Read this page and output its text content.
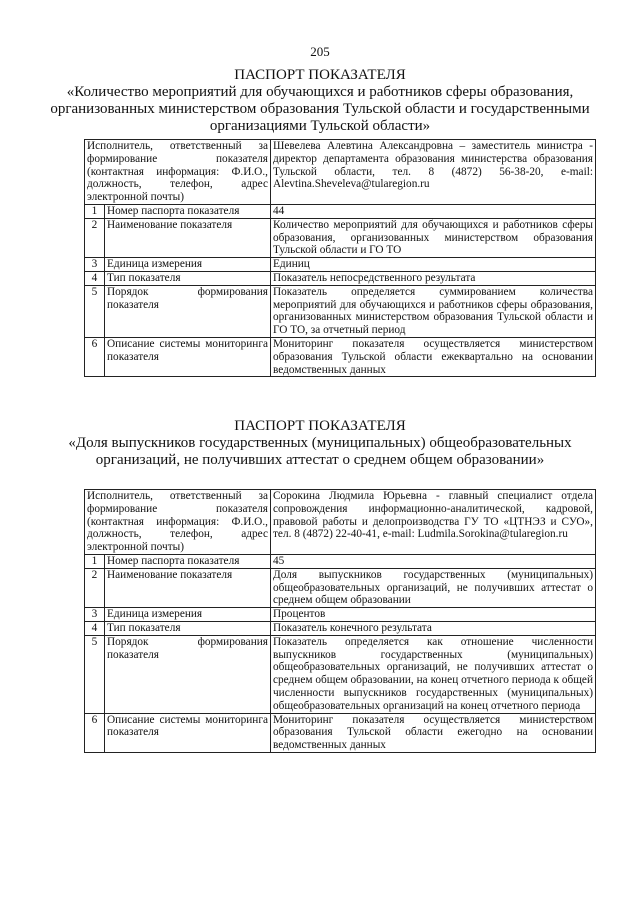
205
ПАСПОРТ ПОКАЗАТЕЛЯ
«Количество мероприятий для обучающихся и работников сферы образования, организованных министерством образования Тульской области и государственными организациями Тульской области»
Исполнитель, ответственный за формирование показателя (контактная информация: Ф.И.О., должность, телефон, адрес электронной почты)		Шевелева Алевтина Александровна – заместитель министра - директор департамента образования министерства образования Тульской области, тел. 8 (4872) 56-38-20, e-mail: Alevtina.Sheveleva@tularegion.ru
1	Номер паспорта показателя	44
2	Наименование показателя	Количество мероприятий для обучающихся и работников сферы образования, организованных министерством образования Тульской области и ГО ТО
3	Единица измерения	Единиц
4	Тип показателя	Показатель непосредственного результата
5	Порядок формирования показателя	Показатель определяется суммированием количества мероприятий для обучающихся и работников сферы образования, организованных министерством образования Тульской области и ГО ТО, за отчетный период
6	Описание системы мониторинга показателя	Мониторинг показателя осуществляется министерством образования Тульской области ежеквартально на основании ведомственных данных
ПАСПОРТ ПОКАЗАТЕЛЯ
«Доля выпускников государственных (муниципальных) общеобразовательных организаций, не получивших аттестат о среднем общем образовании»
Исполнитель, ответственный за формирование показателя (контактная информация: Ф.И.О., должность, телефон, адрес электронной почты)		Сорокина Людмила Юрьевна - главный специалист отдела сопровождения информационно-аналитической, кадровой, правовой работы и делопроизводства ГУ ТО «ЦТНЭЗ и СУО», тел. 8 (4872) 22-40-41, e-mail: Ludmila.Sorokina@tularegion.ru
1	Номер паспорта показателя	45
2	Наименование показателя	Доля выпускников государственных (муниципальных) общеобразовательных организаций, не получивших аттестат о среднем общем образовании
3	Единица измерения	Процентов
4	Тип показателя	Показатель конечного результата
5	Порядок формирования показателя	Показатель определяется как отношение численности выпускников государственных (муниципальных) общеобразовательных организаций, не получивших аттестат о среднем общем образовании, на конец отчетного периода к общей численности выпускников государственных (муниципальных) общеобразовательных организаций на конец отчетного периода
6	Описание системы мониторинга показателя	Мониторинг показателя осуществляется министерством образования Тульской области ежегодно на основании ведомственных данных
